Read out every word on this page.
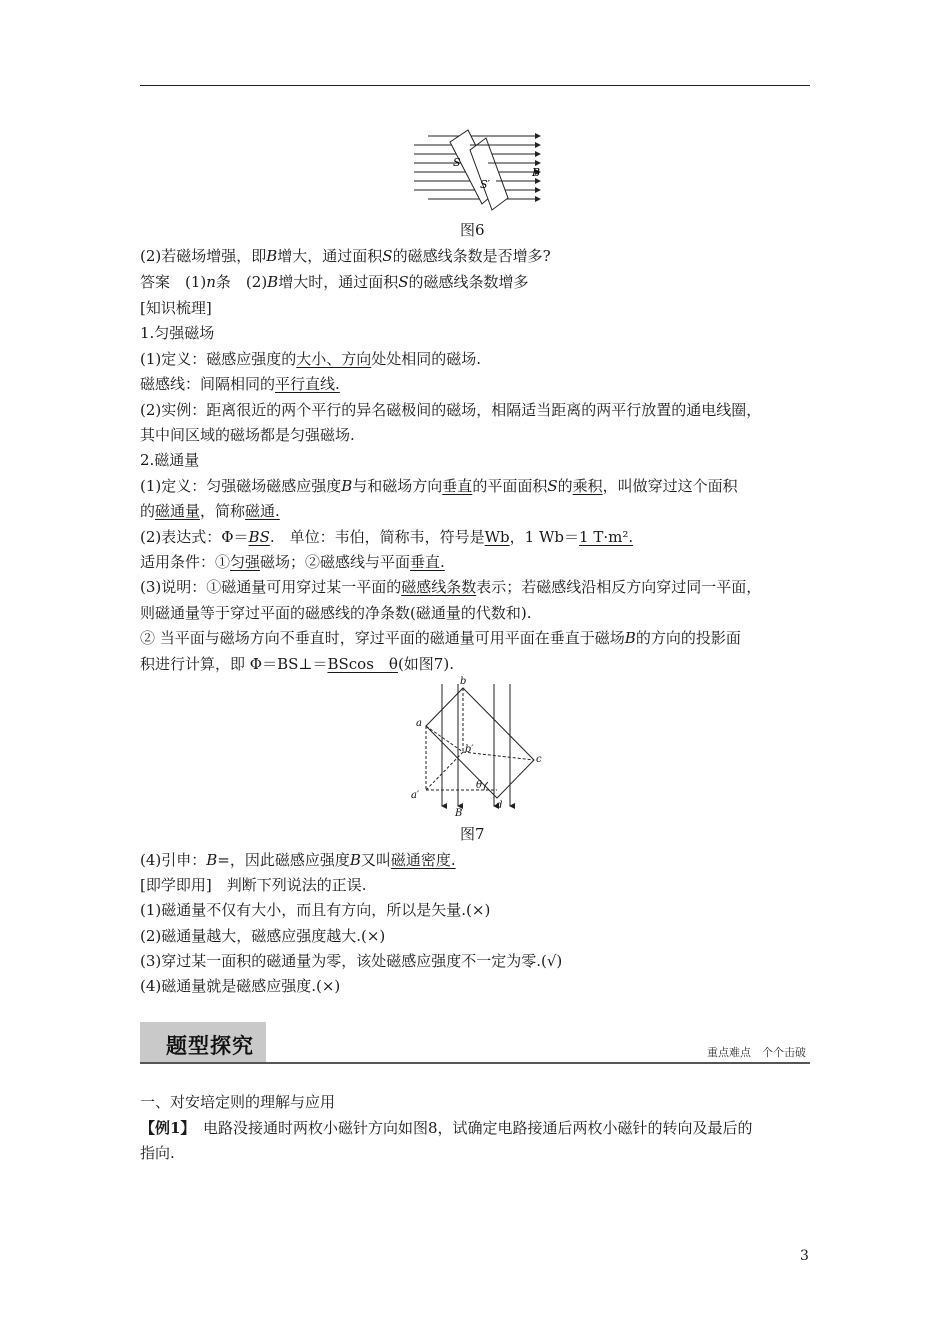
S
S′
B
图6
(2)若磁场增强，即B增大，通过面积S的磁感线条数是否增多?
答案　(1)n条　(2)B增大时，通过面积S的磁感线条数增多
[知识梳理]
1.匀强磁场
(1)定义：磁感应强度的大小、方向处处相同的磁场.
磁感线：间隔相同的平行直线.
(2)实例：距离很近的两个平行的异名磁极间的磁场，相隔适当距离的两平行放置的通电线圈，
其中间区域的磁场都是匀强磁场.
2.磁通量
(1)定义：匀强磁场磁感应强度B与和磁场方向垂直的平面面积S的乘积，叫做穿过这个面积
的磁通量，简称磁通.
(2)表达式：Φ＝BS.　单位：韦伯，简称韦，符号是Wb，1 Wb＝1 T·m².
适用条件：①匀强磁场；②磁感线与平面垂直.
(3)说明：①磁通量可用穿过某一平面的磁感线条数表示；若磁感线沿相反方向穿过同一平面，
则磁通量等于穿过平面的磁感线的净条数(磁通量的代数和).
② 当平面与磁场方向不垂直时，穿过平面的磁通量可用平面在垂直于磁场B的方向的投影面
积进行计算，即 Φ＝BS⊥＝BScos　θ(如图7).
a
b
c
d
a′
b′
θ
B
图7
(4)引申：B=，因此磁感应强度B又叫磁通密度.
[即学即用]　判断下列说法的正误.
(1)磁通量不仅有大小，而且有方向，所以是矢量.(×)
(2)磁通量越大，磁感应强度越大.(×)
(3)穿过某一面积的磁通量为零，该处磁感应强度不一定为零.(√)
(4)磁通量就是磁感应强度.(×)
题型探究	重点难点　个个击破
一、对安培定则的理解与应用
【例1】　电路没接通时两枚小磁针方向如图8，试确定电路接通后两枚小磁针的转向及最后的
指向.
3
